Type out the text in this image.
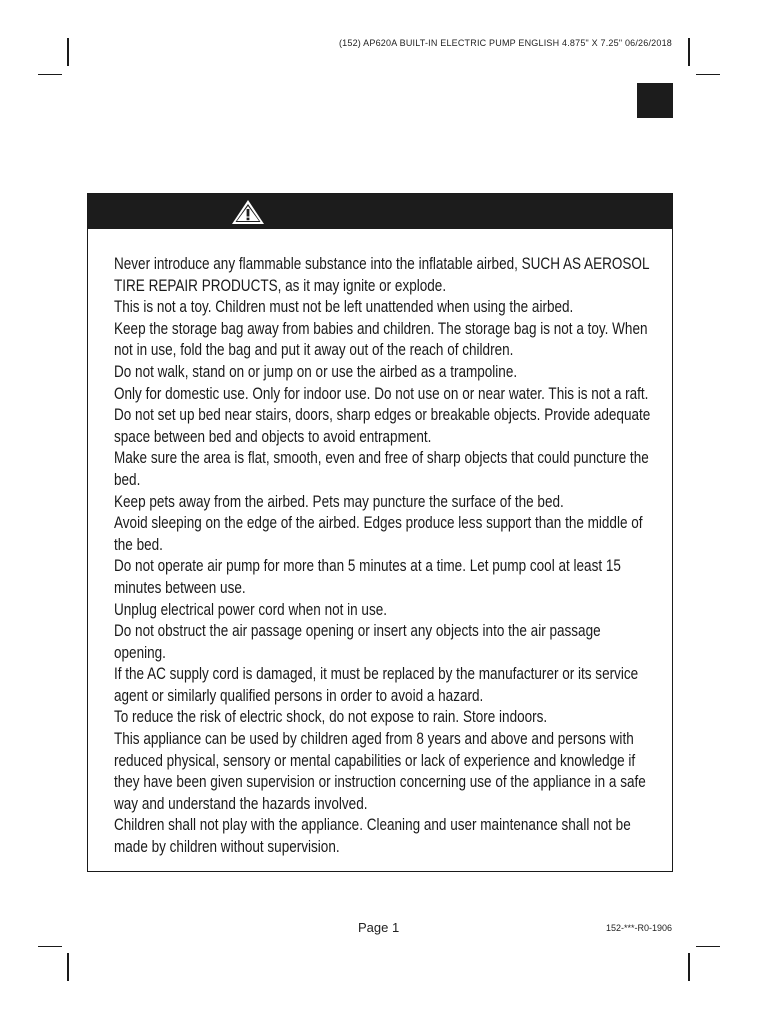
(152) AP620A BUILT-IN ELECTRIC PUMP ENGLISH 4.875" X 7.25" 06/26/2018
Never introduce any flammable substance into the inflatable airbed, SUCH AS AEROSOL TIRE REPAIR PRODUCTS, as it may ignite or explode.
This is not a toy. Children must not be left unattended when using the airbed.
Keep the storage bag away from babies and children. The storage bag is not a toy. When not in use, fold the bag and put it away out of the reach of children.
Do not walk, stand on or jump on or use the airbed as a trampoline.
Only for domestic use. Only for indoor use. Do not use on or near water. This is not a raft.
Do not set up bed near stairs, doors, sharp edges or breakable objects. Provide adequate space between bed and objects to avoid entrapment.
Make sure the area is flat, smooth, even and free of sharp objects that could puncture the bed.
Keep pets away from the airbed. Pets may puncture the surface of the bed.
Avoid sleeping on the edge of the airbed. Edges produce less support than the middle of the bed.
Do not operate air pump for more than 5 minutes at a time. Let pump cool at least 15 minutes between use.
Unplug electrical power cord when not in use.
Do not obstruct the air passage opening or insert any objects into the air passage opening.
If the AC supply cord is damaged, it must be replaced by the manufacturer or its service agent or similarly qualified persons in order to avoid a hazard.
To reduce the risk of electric shock, do not expose to rain. Store indoors.
This appliance can be used by children aged from 8 years and above and persons with reduced physical, sensory or mental capabilities or lack of experience and knowledge if they have been given supervision or instruction concerning use of the appliance in a safe way and understand the hazards involved.
Children shall not play with the appliance. Cleaning and user maintenance shall not be made by children without supervision.
Page 1	152-***-R0-1906
